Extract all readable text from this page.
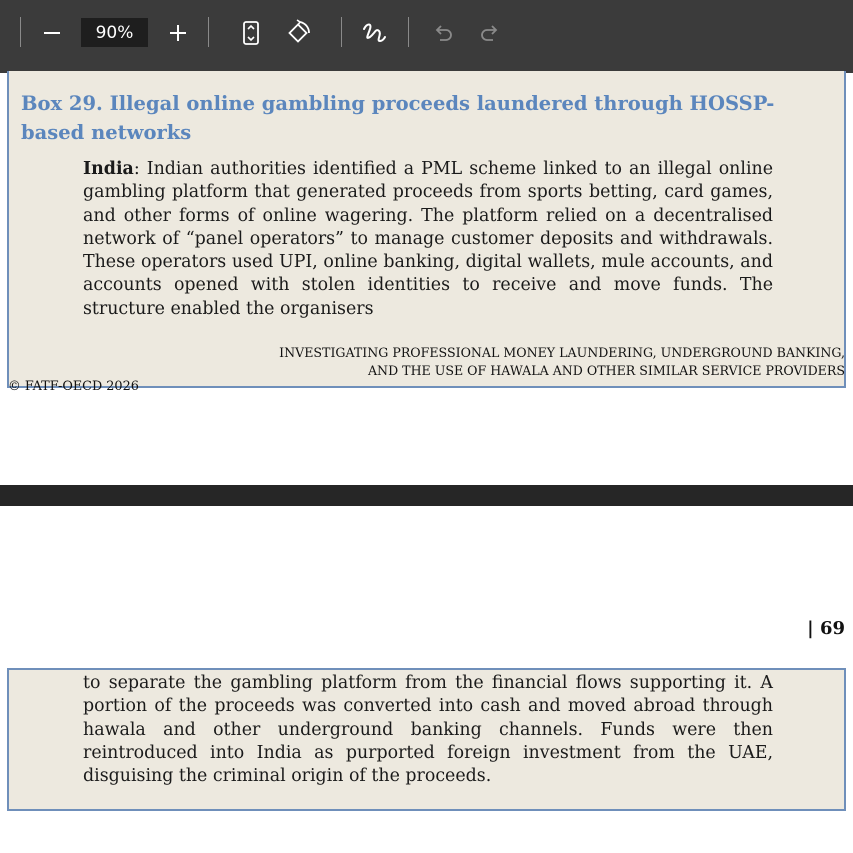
90%
Box 29. Illegal online gambling proceeds laundered through HOSSP-based networks
India: Indian authorities identified a PML scheme linked to an illegal online gambling platform that generated proceeds from sports betting, card games, and other forms of online wagering. The platform relied on a decentralised network of “panel operators” to manage customer deposits and withdrawals. These operators used UPI, online banking, digital wallets, mule accounts, and accounts opened with stolen identities to receive and move funds. The structure enabled the organisers
INVESTIGATING PROFESSIONAL MONEY LAUNDERING, UNDERGROUND BANKING,
AND THE USE OF HAWALA AND OTHER SIMILAR SERVICE PROVIDERS
© FATF-OECD 2026
| 69
to separate the gambling platform from the financial flows supporting it. A portion of the proceeds was converted into cash and moved abroad through hawala and other underground banking channels. Funds were then reintroduced into India as purported foreign investment from the UAE, disguising the criminal origin of the proceeds.
